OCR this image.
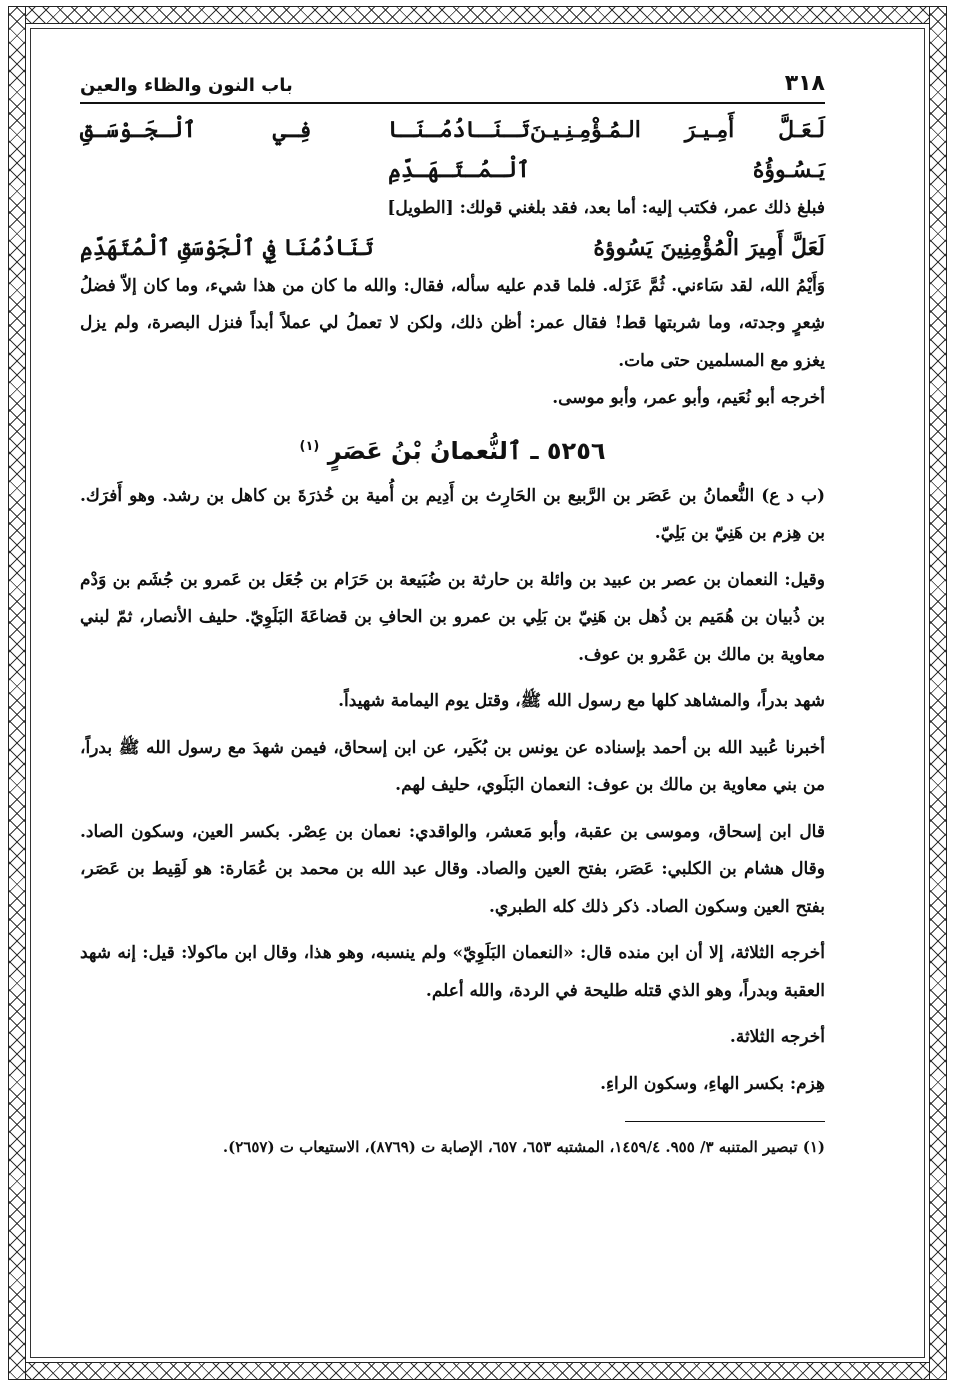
٣١٨
باب النون والظاء والعين
لَـعَـلَّ أَمِـيـرَ الـمُـؤْمِـنِـيـنَ يَـسُـوؤُهُ
تَـنَـادُمُـنَـا فِـي ٱلْـجَـوْسَـقِ ٱلْـمُـتَـهَـدِّمِ

فبلغ ذلك عمر، فكتب إليه: أما بعد، فقد بلغني قولك: [الطويل]

لَعَلَّ أَمِيرَ الْمُؤْمِنِينَ يَسُوؤهُ
تَنَادُمُنَا فِي ٱلْجَوْسَقِ ٱلْمُتَهَدِّمِ

وَأَيْمُ الله، لقد سَاءني. ثُمَّ عَزَله. فلما قدم عليه سأله، فقال: والله ما كان من هذا شيء، وما كان إلاّ فضلُ شِعرٍ وجدته، وما شربتها قط! فقال عمر: أظن ذلك، ولكن لا تعملُ لي عملاً أبداً فنزل البصرة، ولم يزل يغزو مع المسلمين حتى مات.

أخرجه أبو نُعَيم، وأبو عمر، وأبو موسى.

٥٢٥٦ ـ ٱلنُّعمانُ بْنُ عَصَرٍ $^{(١)}$

(ب د ع) النُّعمانُ بن عَصَر بن الرَّبيع بن الحَارِث بن أَدِيم بن أُمية بن خُذرَةَ بن كاهل بن رشد. وهو أَفرَك. بن هِزم بن هَنِيّ بن بَلِيّ.

وقيل: النعمان بن عصر بن عبيد بن وائلة بن حارثة بن ضُبَيعة بن حَرَام بن جُعَل بن عَمرو بن جُشَم بن وَدْم بن ذُبيان بن هُمَيم بن ذُهل بن هَنِيّ بن بَلِي بن عمرو بن الحافِ بن قضاعَةَ البَلَوِيّ. حليف الأنصار، ثمّ لبني معاوية بن مالك بن عَمْرو بن عوف.

شهد بدراً، والمشاهد كلها مع رسول الله ﷺ، وقتل يوم اليمامة شهيداً.

أخبرنا عُبيد الله بن أحمد بإسناده عن يونس بن بُكَير، عن ابن إسحاق، فيمن شهدَ مع رسول الله ﷺ بدراً، من بني معاوية بن مالك بن عوف: النعمان البَلَوي، حليف لهم.

قال ابن إسحاق، وموسى بن عقبة، وأبو مَعشر، والواقدي: نعمان بن عِصْر. بكسر العين، وسكون الصاد. وقال هشام بن الكلبي: عَصَر، بفتح العين والصاد. وقال عبد الله بن محمد بن عُمَارة: هو لَقِيط بن عَصَر، بفتح العين وسكون الصاد. ذكر ذلك كله الطبري.

أخرجه الثلاثة، إلا أن ابن منده قال: «النعمان البَلَوِيّ» ولم ينسبه، وهو هذا، وقال ابن ماكولا: قيل: إنه شهد العقبة وبدراً، وهو الذي قتله طليحة في الردة، والله أعلم.

أخرجه الثلاثة.

هِزم: بكسر الهاءِ، وسكون الراءِ.

(١) تبصير المتنبه ٣/ ٩٥٥. ١٤٥٩/٤، المشتبه ٦٥٣، ٦٥٧، الإصابة ت (٨٧٦٩)، الاستيعاب ت (٢٦٥٧).
